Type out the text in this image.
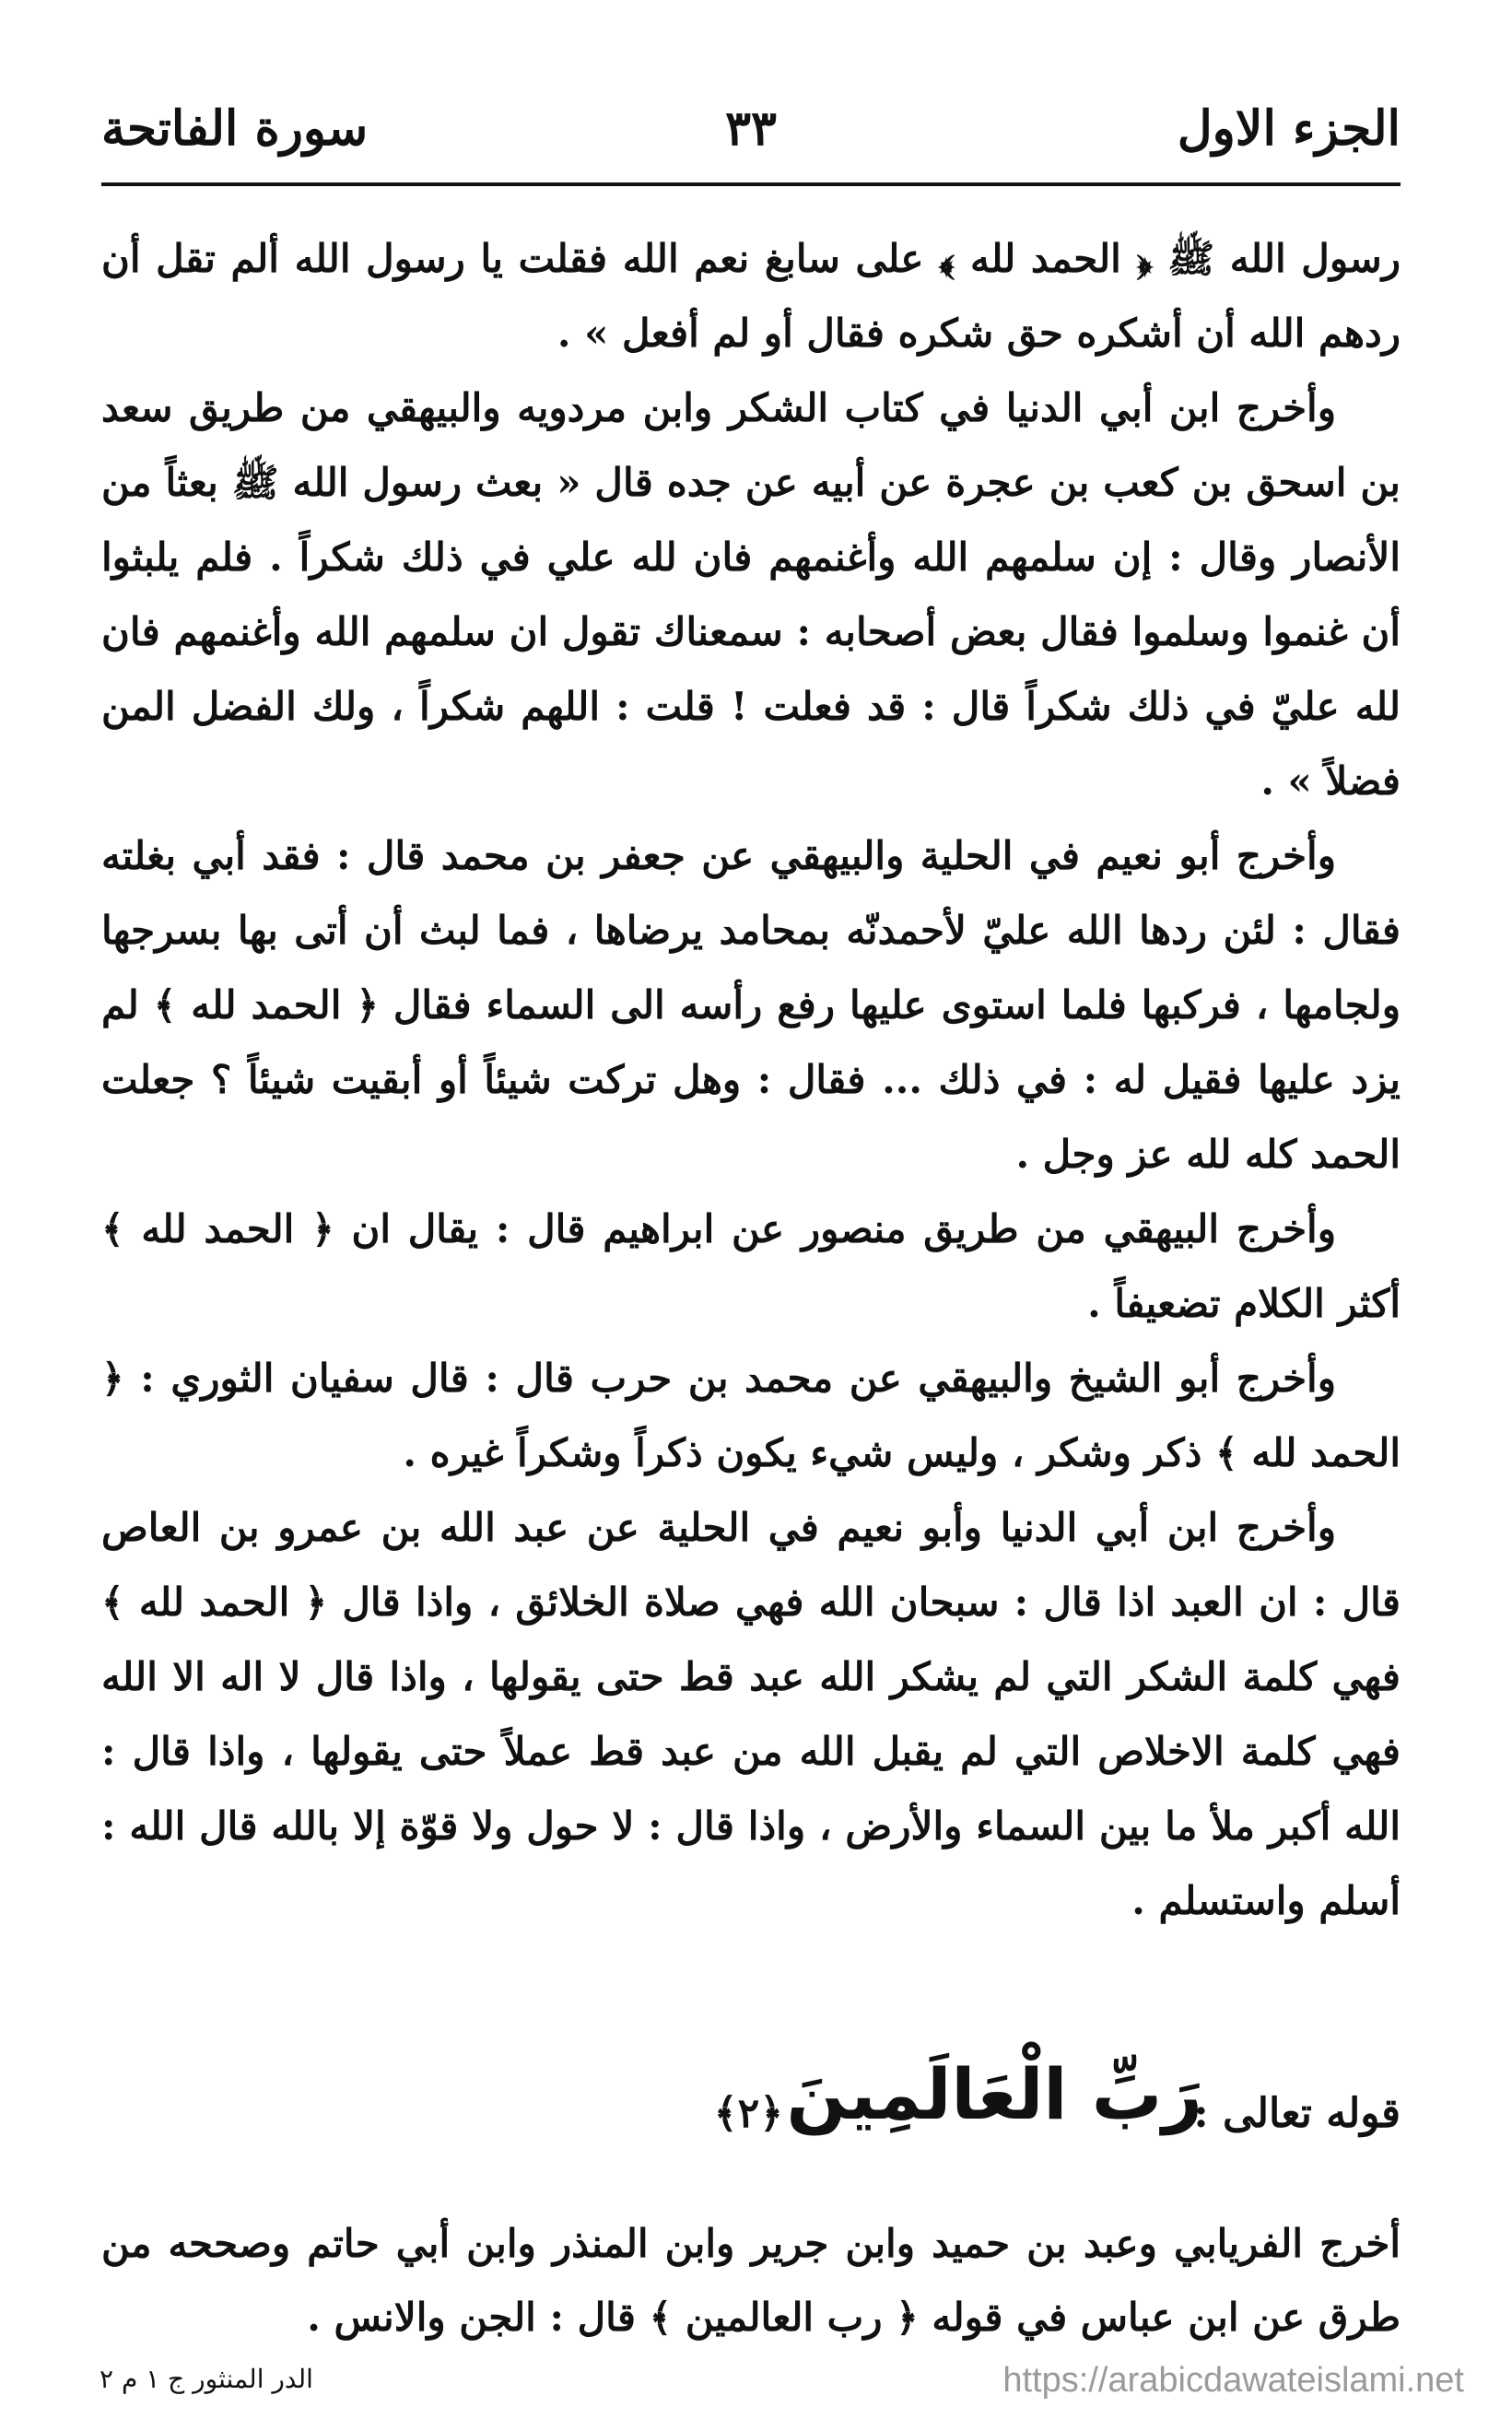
الجزء الاول
٣٣
سورة الفاتحة

رسول الله ﷺ ﴿ الحمد لله ﴾ على سابغ نعم الله فقلت يا رسول الله ألم تقل أن ردهم الله أن أشكره حق شكره فقال أو لم أفعل » .

وأخرج ابن أبي الدنيا في كتاب الشكر وابن مردويه والبيهقي من طريق سعد بن اسحق بن كعب بن عجرة عن أبيه عن جده قال « بعث رسول الله ﷺ بعثاً من الأنصار وقال : إن سلمهم الله وأغنمهم فان لله علي في ذلك شكراً . فلم يلبثوا أن غنموا وسلموا فقال بعض أصحابه : سمعناك تقول ان سلمهم الله وأغنمهم فان لله عليّ في ذلك شكراً قال : قد فعلت ! قلت : اللهم شكراً ، ولك الفضل المن فضلاً » .

وأخرج أبو نعيم في الحلية والبيهقي عن جعفر بن محمد قال : فقد أبي بغلته فقال : لئن ردها الله عليّ لأحمدنّه بمحامد يرضاها ، فما لبث أن أتى بها بسرجها ولجامها ، فركبها فلما استوى عليها رفع رأسه الى السماء فقال ﴿ الحمد لله ﴾ لم يزد عليها فقيل له : في ذلك ... فقال : وهل تركت شيئاً أو أبقيت شيئاً ؟ جعلت الحمد كله لله عز وجل .

وأخرج البيهقي من طريق منصور عن ابراهيم قال : يقال ان ﴿ الحمد لله ﴾ أكثر الكلام تضعيفاً .

وأخرج أبو الشيخ والبيهقي عن محمد بن حرب قال : قال سفيان الثوري : ﴿ الحمد لله ﴾ ذكر وشكر ، وليس شيء يكون ذكراً وشكراً غيره .

وأخرج ابن أبي الدنيا وأبو نعيم في الحلية عن عبد الله بن عمرو بن العاص قال : ان العبد اذا قال : سبحان الله فهي صلاة الخلائق ، واذا قال ﴿ الحمد لله ﴾ فهي كلمة الشكر التي لم يشكر الله عبد قط حتى يقولها ، واذا قال لا اله الا الله فهي كلمة الاخلاص التي لم يقبل الله من عبد قط عملاً حتى يقولها ، واذا قال : الله أكبر ملأ ما بين السماء والأرض ، واذا قال : لا حول ولا قوّة إلا بالله قال الله : أسلم واستسلم .

قوله تعالى :
رَبِّ الْعَالَمِينَ
﴿٢﴾

أخرج الفريابي وعبد بن حميد وابن جرير وابن المنذر وابن أبي حاتم وصححه من طرق عن ابن عباس في قوله ﴿ رب العالمين ﴾ قال : الجن والانس .

الدر المنثور ج ١ م ٢	https://arabicdawateislami.net
